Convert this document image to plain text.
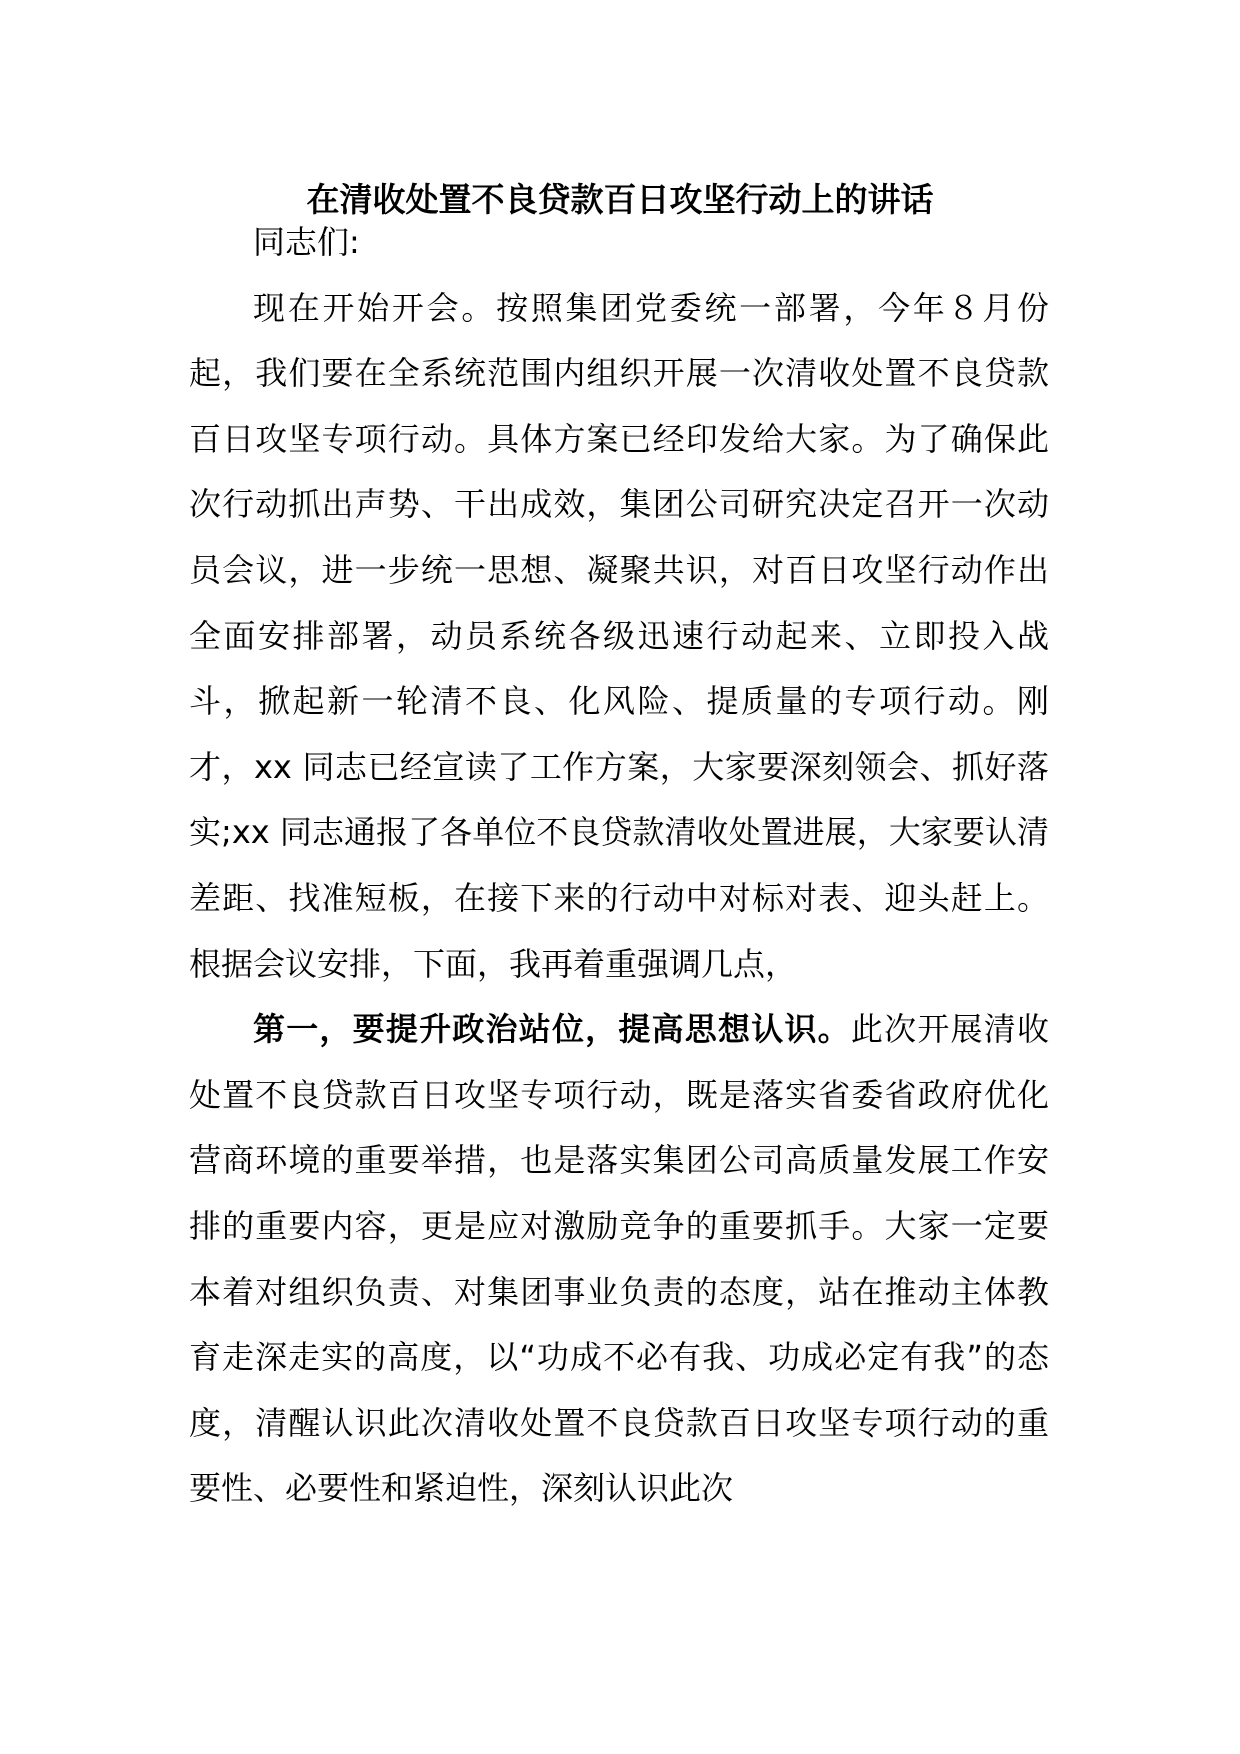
在清收处置不良贷款百日攻坚行动上的讲话

同志们:

现在开始开会。按照集团党委统一部署，今年８月份起，我们要在全系统范围内组织开展一次清收处置不良贷款百日攻坚专项行动。具体方案已经印发给大家。为了确保此次行动抓出声势、干出成效，集团公司研究决定召开一次动员会议，进一步统一思想、凝聚共识，对百日攻坚行动作出全面安排部署，动员系统各级迅速行动起来、立即投入战斗，掀起新一轮清不良、化风险、提质量的专项行动。刚才，xx 同志已经宣读了工作方案，大家要深刻领会、抓好落实;xx 同志通报了各单位不良贷款清收处置进展，大家要认清差距、找准短板，在接下来的行动中对标对表、迎头赶上。根据会议安排，下面，我再着重强调几点，

第一，要提升政治站位，提高思想认识。此次开展清收处置不良贷款百日攻坚专项行动，既是落实省委省政府优化营商环境的重要举措，也是落实集团公司高质量发展工作安排的重要内容，更是应对激励竞争的重要抓手。大家一定要本着对组织负责、对集团事业负责的态度，站在推动主体教育走深走实的高度，以“功成不必有我、功成必定有我”的态度，清醒认识此次清收处置不良贷款百日攻坚专项行动的重要性、必要性和紧迫性，深刻认识此次
